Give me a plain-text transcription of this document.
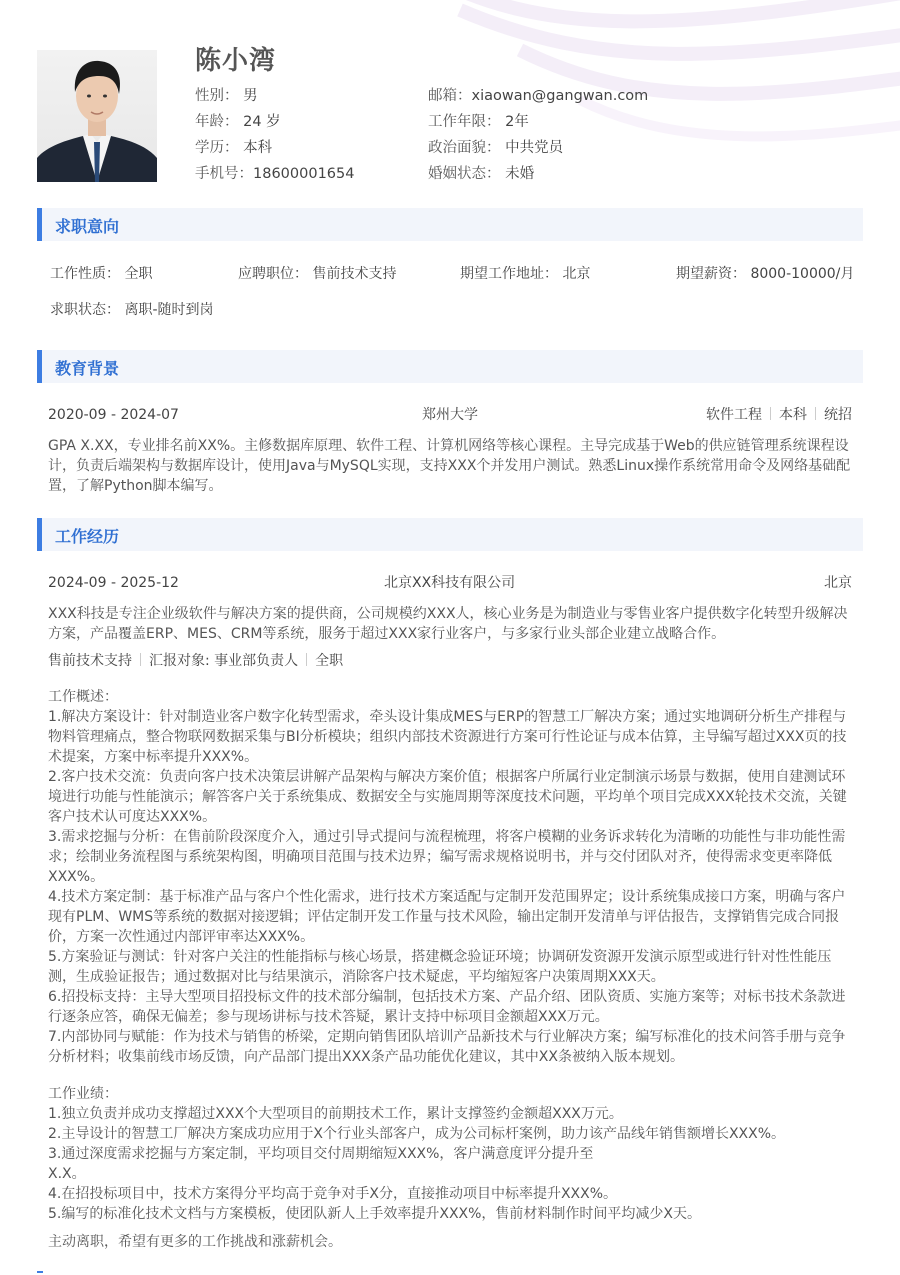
陈小湾
性别： 男
年龄： 24 岁
学历： 本科
手机号：18600001654
邮箱：xiaowan@gangwan.com
工作年限： 2年
政治面貌： 中共党员
婚姻状态： 未婚
求职意向
工作性质： 全职	应聘职位： 售前技术支持	期望工作地址： 北京	期望薪资： 8000-10000/月
求职状态： 离职-随时到岗
教育背景
2020-09 - 2024-07	郑州大学	软件工程 本科 统招

GPA X.XX，专业排名前XX%。主修数据库原理、软件工程、计算机网络等核心课程。主导完成基于Web的供应链管理系统课程设计，负责后端架构与数据库设计，使用Java与MySQL实现，支持XXX个并发用户测试。熟悉Linux操作系统常用命令及网络基础配置，了解Python脚本编写。

工作经历
2024-09 - 2025-12	北京XX科技有限公司	北京

XXX科技是专注企业级软件与解决方案的提供商，公司规模约XXX人，核心业务是为制造业与零售业客户提供数字化转型升级解决方案，产品覆盖ERP、MES、CRM等系统，服务于超过XXX家行业客户，与多家行业头部企业建立战略合作。

售前技术支持 汇报对象: 事业部负责人 全职

工作概述：

1.解决方案设计：针对制造业客户数字化转型需求，牵头设计集成MES与ERP的智慧工厂解决方案；通过实地调研分析生产排程与物料管理痛点，整合物联网数据采集与BI分析模块；组织内部技术资源进行方案可行性论证与成本估算，主导编写超过XXX页的技术提案，方案中标率提升XXX%。

2.客户技术交流：负责向客户技术决策层讲解产品架构与解决方案价值；根据客户所属行业定制演示场景与数据，使用自建测试环境进行功能与性能演示；解答客户关于系统集成、数据安全与实施周期等深度技术问题，平均单个项目完成XXX轮技术交流，关键客户技术认可度达XXX%。

3.需求挖掘与分析：在售前阶段深度介入，通过引导式提问与流程梳理，将客户模糊的业务诉求转化为清晰的功能性与非功能性需求；绘制业务流程图与系统架构图，明确项目范围与技术边界；编写需求规格说明书，并与交付团队对齐，使得需求变更率降低XXX%。

4.技术方案定制：基于标准产品与客户个性化需求，进行技术方案适配与定制开发范围界定；设计系统集成接口方案，明确与客户现有PLM、WMS等系统的数据对接逻辑；评估定制开发工作量与技术风险，输出定制开发清单与评估报告，支撑销售完成合同报价，方案一次性通过内部评审率达XXX%。

5.方案验证与测试：针对客户关注的性能指标与核心场景，搭建概念验证环境；协调研发资源开发演示原型或进行针对性性能压测，生成验证报告；通过数据对比与结果演示，消除客户技术疑虑，平均缩短客户决策周期XXX天。

6.招投标支持：主导大型项目招投标文件的技术部分编制，包括技术方案、产品介绍、团队资质、实施方案等；对标书技术条款进行逐条应答，确保无偏差；参与现场讲标与技术答疑，累计支持中标项目金额超XXX万元。

7.内部协同与赋能：作为技术与销售的桥梁，定期向销售团队培训产品新技术与行业解决方案；编写标准化的技术问答手册与竞争分析材料；收集前线市场反馈，向产品部门提出XXX条产品功能优化建议，其中XX条被纳入版本规划。

工作业绩：

1.独立负责并成功支撑超过XXX个大型项目的前期技术工作，累计支撑签约金额超XXX万元。

2.主导设计的智慧工厂解决方案成功应用于X个行业头部客户，成为公司标杆案例，助力该产品线年销售额增长XXX%。

3.通过深度需求挖掘与方案定制，平均项目交付周期缩短XXX%，客户满意度评分提升至

X.X。

4.在招投标项目中，技术方案得分平均高于竞争对手X分，直接推动项目中标率提升XXX%。

5.编写的标准化技术文档与方案模板，使团队新人上手效率提升XXX%，售前材料制作时间平均减少X天。

主动离职，希望有更多的工作挑战和涨薪机会。
